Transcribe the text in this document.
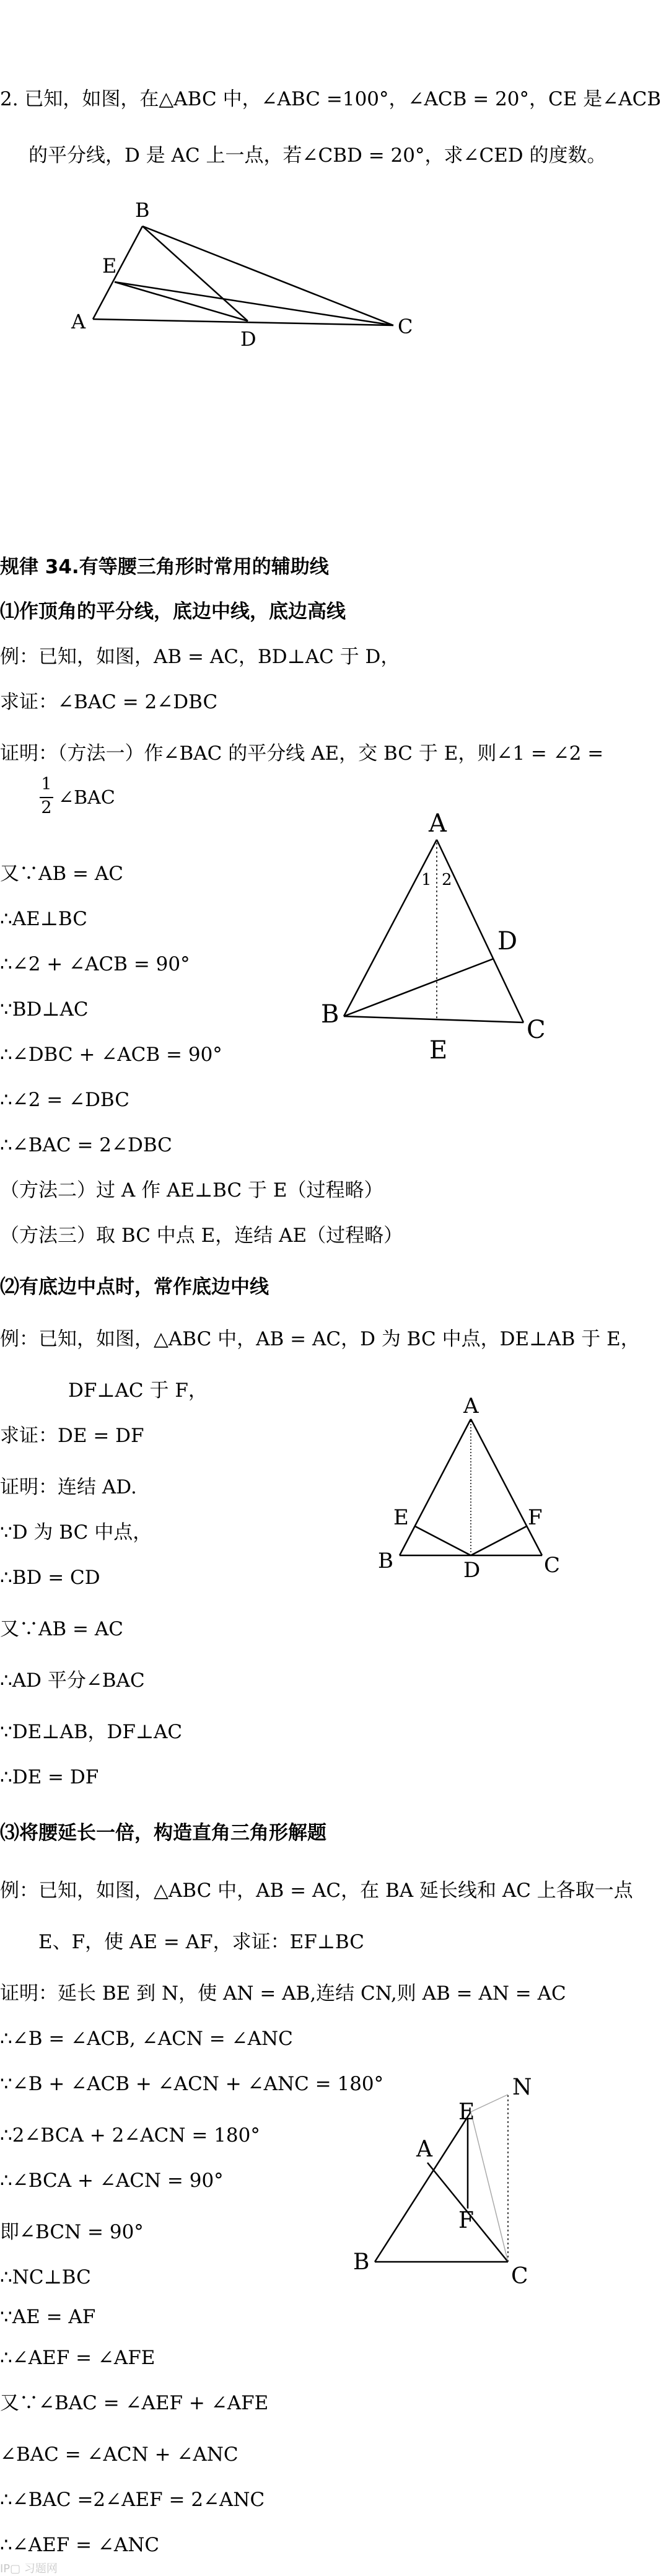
2. 已知，如图，在△ABC 中，∠ABC =100°，∠ACB = 20°，CE 是∠ACB
的平分线，D 是 AC 上一点，若∠CBD = 20°，求∠CED 的度数。
B
E
A
D
C
规律 34.有等腰三角形时常用的辅助线
⑴作顶角的平分线，底边中线，底边高线
例：已知，如图，AB = AC，BD⊥AC 于 D，
求证：∠BAC = 2∠DBC
证明：（方法一）作∠BAC 的平分线 AE，交 BC 于 E，则∠1 = ∠2 =
1
2 ∠BAC
又∵AB = AC
∴AE⊥BC
∴∠2 + ∠ACB = 90°
∵BD⊥AC
∴∠DBC + ∠ACB = 90°
∴∠2 = ∠DBC
∴∠BAC = 2∠DBC
（方法二）过 A 作 AE⊥BC 于 E（过程略）
（方法三）取 BC 中点 E，连结 AE（过程略）
A
D
B
E
C
1 2
⑵有底边中点时，常作底边中线
例：已知，如图，△ABC 中，AB = AC，D 为 BC 中点，DE⊥AB 于 E，
DF⊥AC 于 F，
求证：DE = DF
证明：连结 AD.
∵D 为 BC 中点，
∴BD = CD
又∵AB = AC
∴AD 平分∠BAC
∵DE⊥AB，DF⊥AC
∴DE = DF
A
E	F
B	D	C
⑶将腰延长一倍，构造直角三角形解题
例：已知，如图，△ABC 中，AB = AC，在 BA 延长线和 AC 上各取一点
E、F，使 AE = AF，求证：EF⊥BC
证明：延长 BE 到 N，使 AN = AB,连结 CN,则 AB = AN = AC
∴∠B = ∠ACB, ∠ACN = ∠ANC
∵∠B + ∠ACB + ∠ACN + ∠ANC = 180°
∴2∠BCA + 2∠ACN = 180°
∴∠BCA + ∠ACN = 90°
即∠BCN = 90°
∴NC⊥BC
∵AE = AF
∴∠AEF = ∠AFE
又∵∠BAC = ∠AEF + ∠AFE
∠BAC = ∠ACN + ∠ANC
∴∠BAC =2∠AEF = 2∠ANC
∴∠AEF = ∠ANC
N
E
A
F
B
C
IP▢ 习题网
